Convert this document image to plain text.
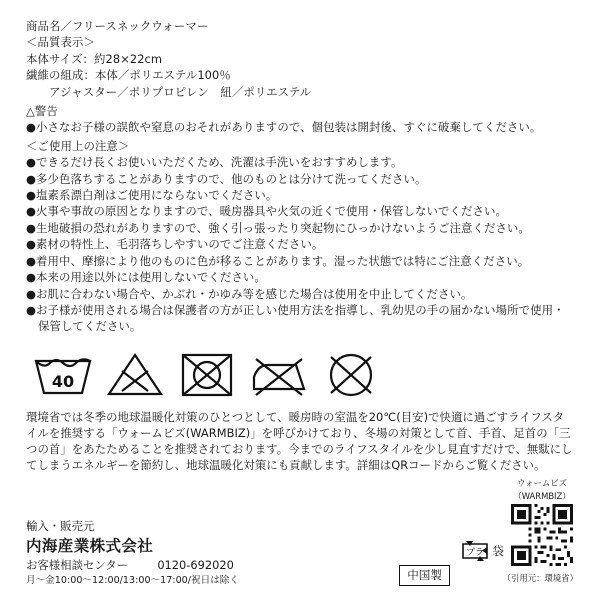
商品名／フリースネックウォーマー
＜品質表示＞
本体サイズ：約28×22cm
繊維の組成：本体／ポリエステル100％
アジャスター／ポリプロピレン　紐／ポリエステル
△警告
●小さなお子様の誤飲や窒息のおそれがありますので、個包装は開封後、すぐに破棄してください。
＜ご使用上の注意＞
●できるだけ長くお使いいただくため、洗濯は手洗いをおすすめします。
●多少色落ちすることがありますので、他のものとは分けて洗ってください。
●塩素系漂白剤はご使用にならないでください。
●火事や事故の原因となりますので、暖房器具や火気の近くで使用・保管しないでください。
●生地破損の恐れがありますので、強く引っ張ったり突起物にひっかけないようご注意ください。
●素材の特性上、毛羽落ちしやすいのでご注意ください。
●着用中、摩擦により他のものに色が移ることがあります。湿った状態では特にご注意ください。
●本来の用途以外には使用しないでください。
●お肌に合わない場合や、かぶれ・かゆみ等を感じた場合は使用を中止してください。
●お子様が使用される場合は保護者の方が正しい使用方法を指導し、乳幼児の手の届かない場所で使用・保管してください。
40
環境省では冬季の地球温暖化対策のひとつとして、暖房時の室温を20℃(目安)で快適に過ごすライフスタイルを推奨する「ウォームビズ(WARMBIZ)」を呼びかけており、冬場の対策として首、手首、足首の「三つの首」をあたためることを推奨されております。今までのライフスタイルを少し見直すだけで、無駄にしてしまうエネルギーを節約し、地球温暖化対策にも貢献します。詳細はQRコードからご覧ください。
輸入・販売元
内海産業株式会社
お客様相談センター	0120-692020
月～金10:00～12:00/13:00～17:00/祝日は除く	中国製
プラ 袋
ウォームビズ
（WARMBIZ）
（引用元：環境省）
